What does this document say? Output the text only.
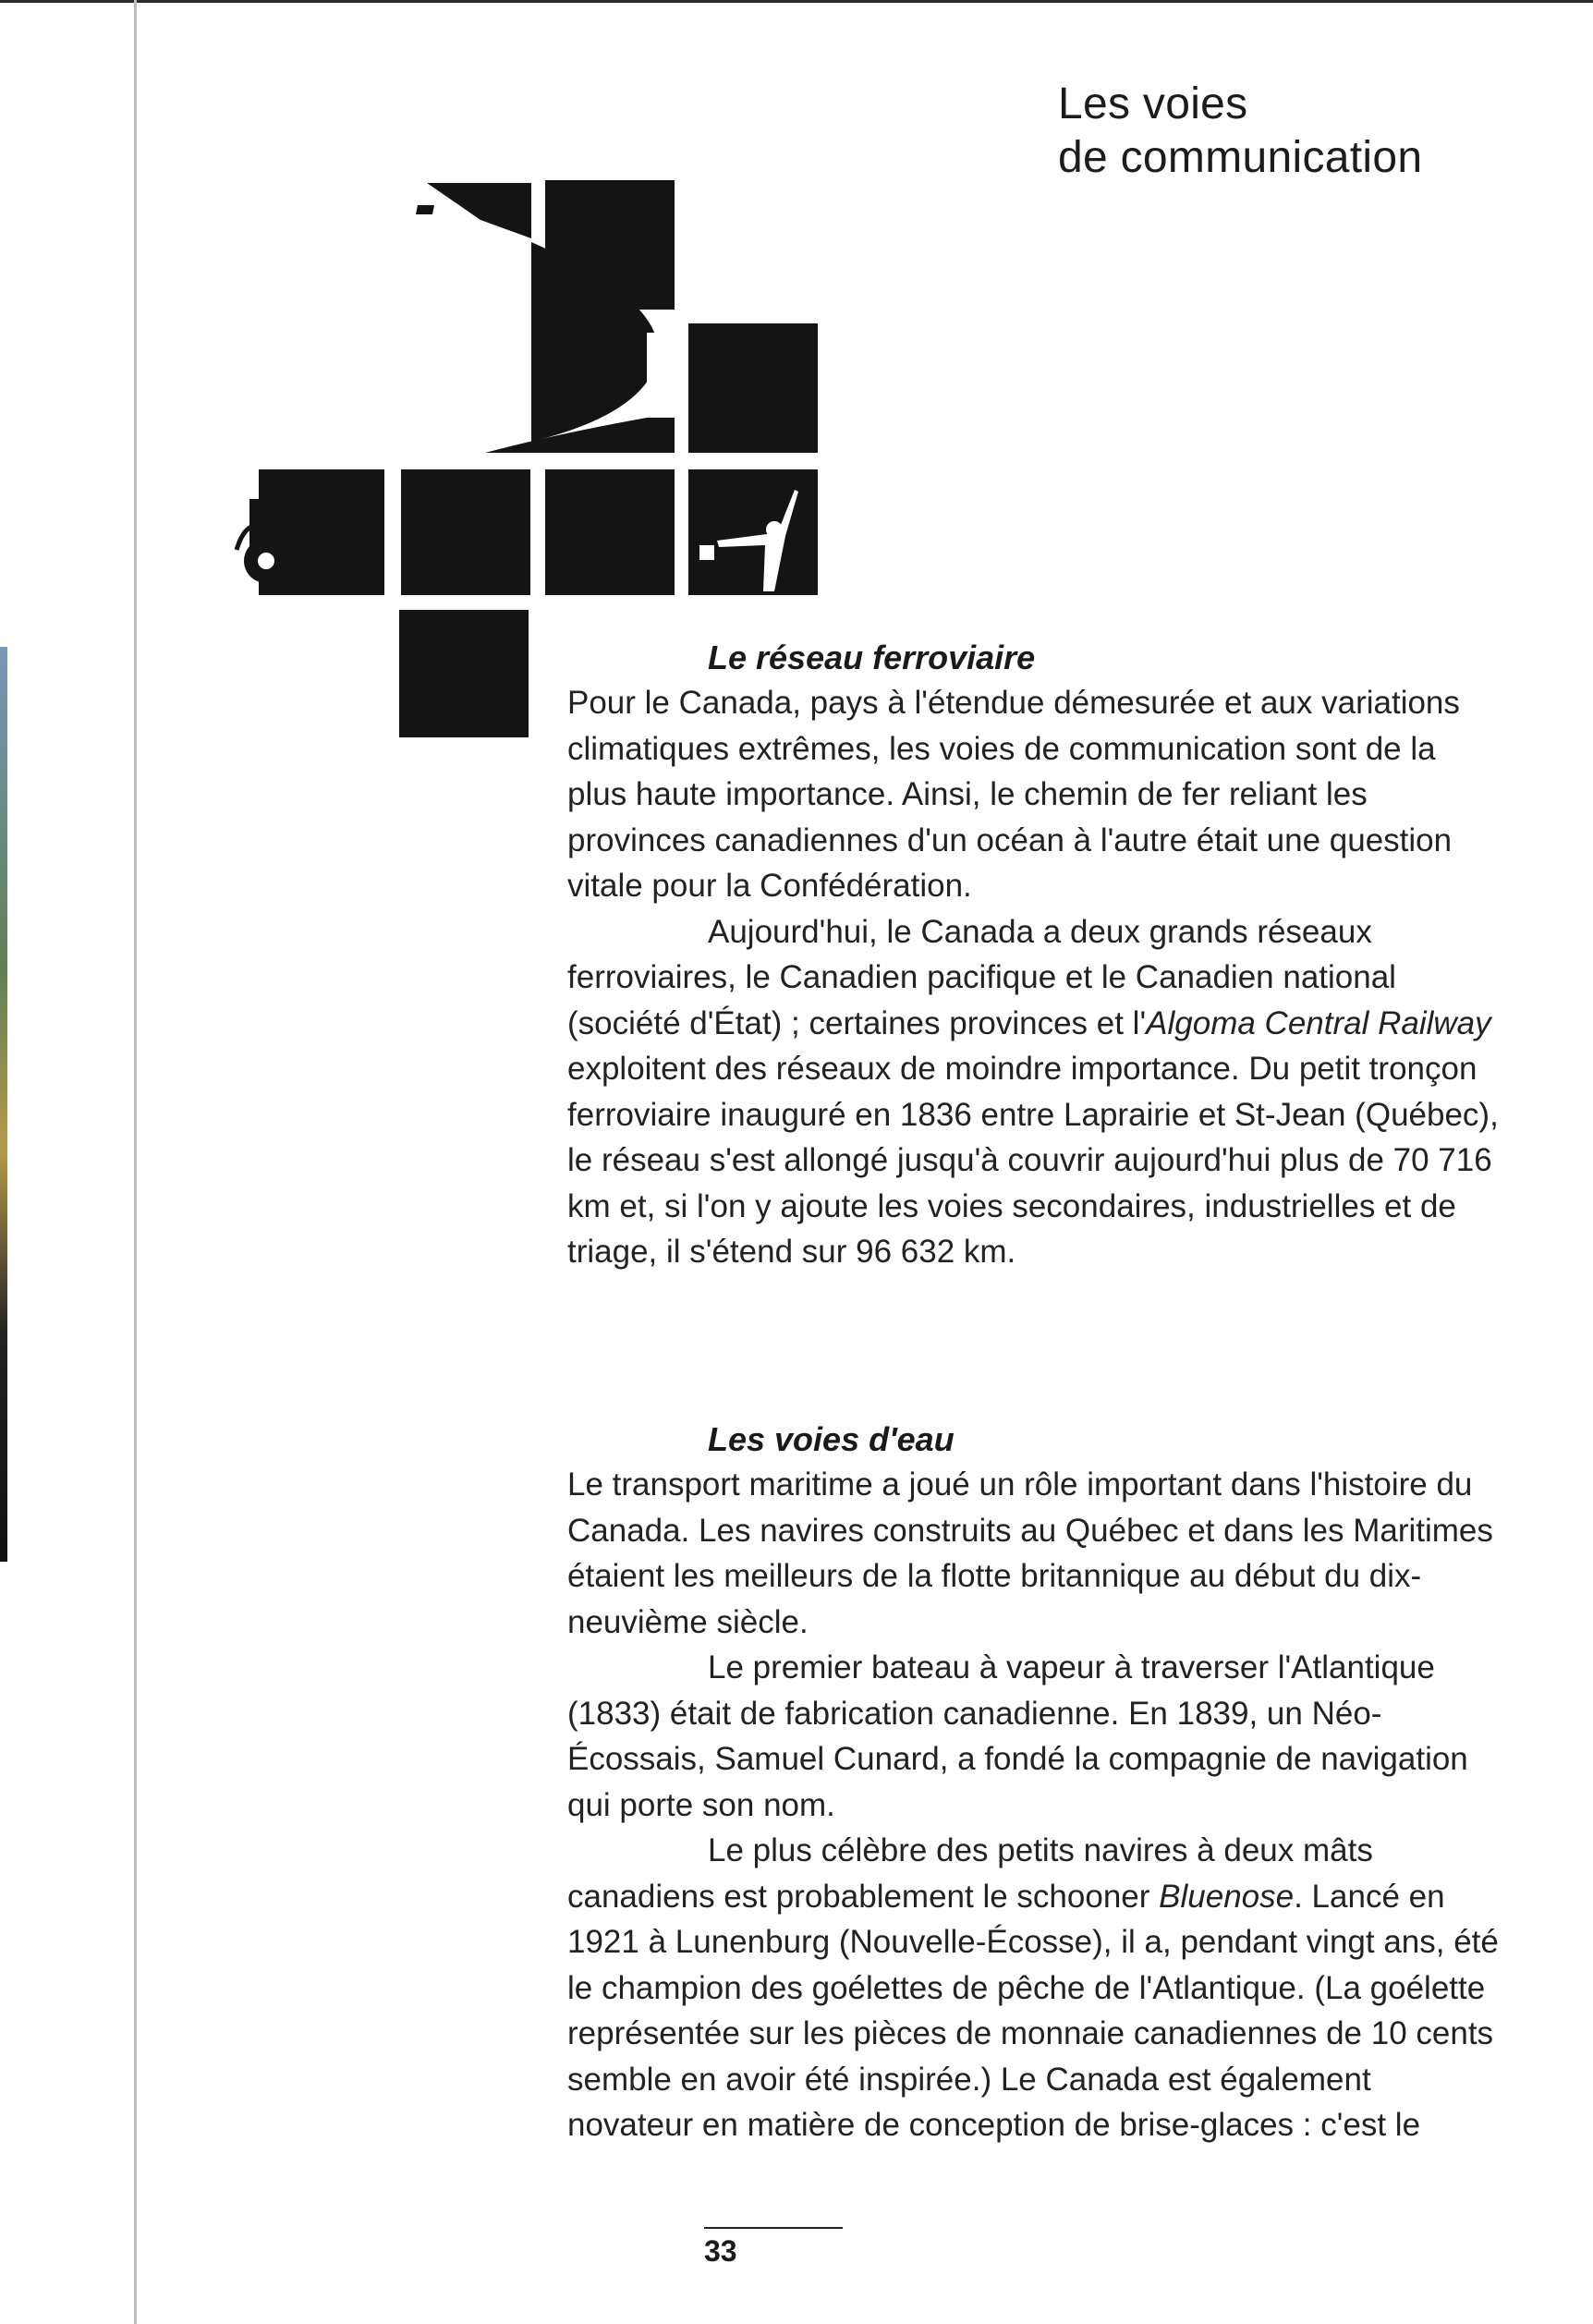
Les voies
de communication
Le réseau ferroviaire

Pour le Canada, pays à l'étendue démesurée et aux variations climatiques extrêmes, les voies de communication sont de la plus haute importance. Ainsi, le chemin de fer reliant les provinces canadiennes d'un océan à l'autre était une question vitale pour la Confédération.

Aujourd'hui, le Canada a deux grands réseaux ferroviaires, le Canadien pacifique et le Canadien national (société d'État) ; certaines provinces et l'Algoma Central Railway exploitent des réseaux de moindre importance. Du petit tronçon ferroviaire inauguré en 1836 entre Laprairie et St-Jean (Québec), le réseau s'est allongé jusqu'à couvrir aujourd'hui plus de 70 716 km et, si l'on y ajoute les voies secondaires, industrielles et de triage, il s'étend sur 96 632 km.

Les voies d'eau

Le transport maritime a joué un rôle important dans l'histoire du Canada. Les navires construits au Québec et dans les Maritimes étaient les meilleurs de la flotte britannique au début du dix-neuvième siècle.

Le premier bateau à vapeur à traverser l'Atlantique (1833) était de fabrication canadienne. En 1839, un Néo-Écossais, Samuel Cunard, a fondé la compagnie de navigation qui porte son nom.

Le plus célèbre des petits navires à deux mâts canadiens est probablement le schooner Bluenose. Lancé en 1921 à Lunenburg (Nouvelle-Écosse), il a, pendant vingt ans, été le champion des goélettes de pêche de l'Atlantique. (La goélette représentée sur les pièces de monnaie canadiennes de 10 cents semble en avoir été inspirée.) Le Canada est également novateur en matière de conception de brise-glaces : c'est le

33
